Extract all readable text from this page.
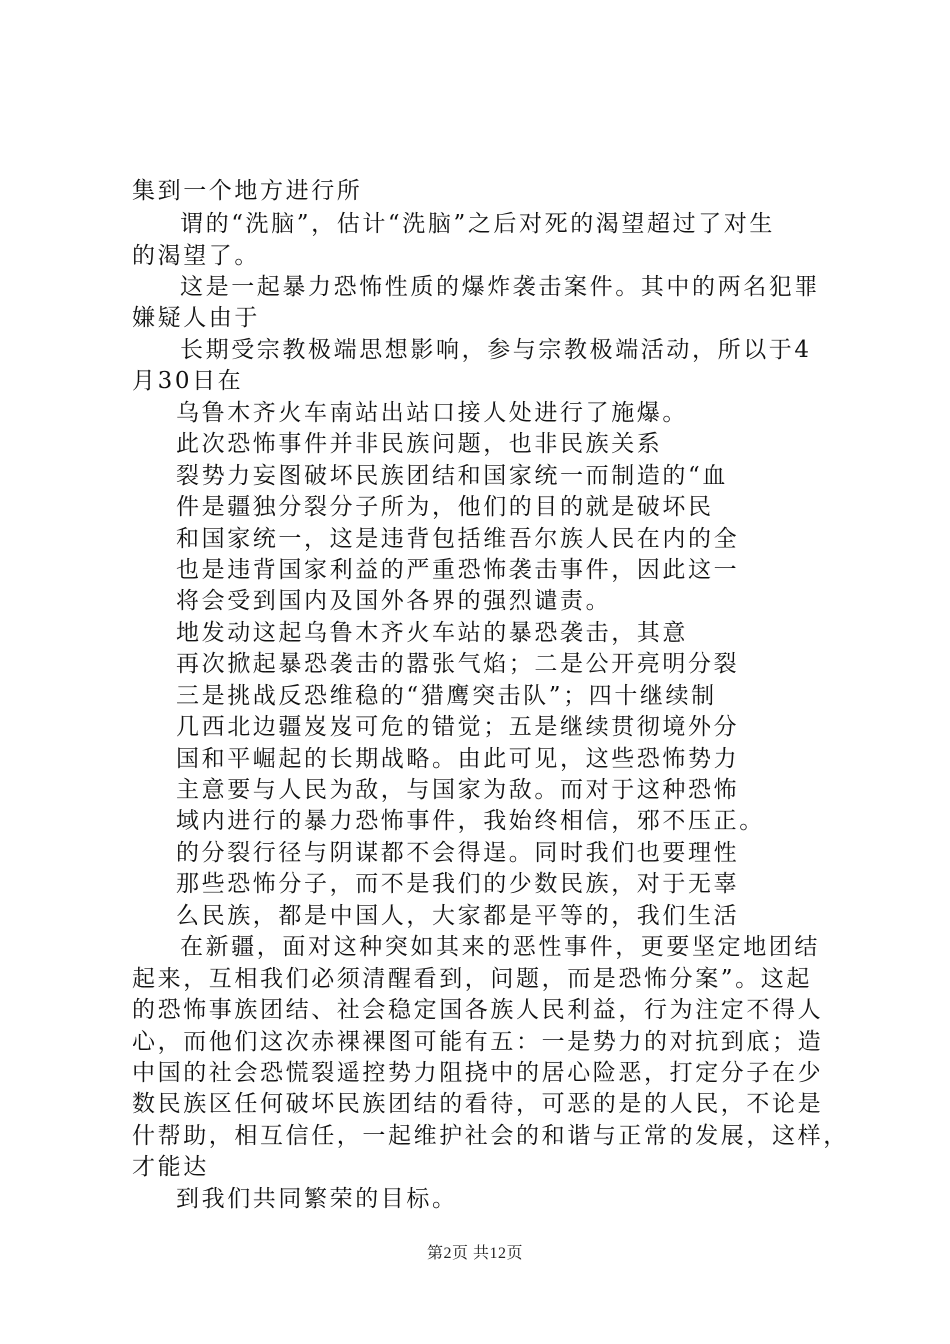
集到一个地方进行所
谓的“洗脑”，估计“洗脑”之后对死的渴望超过了对生
的渴望了。
这是一起暴力恐怖性质的爆炸袭击案件。其中的两名犯罪
嫌疑人由于
长期受宗教极端思想影响，参与宗教极端活动，所以于4
月30日在
乌鲁木齐火车南站出站口接人处进行了施爆。
此次恐怖事件并非民族问题，也非民族关系
裂势力妄图破坏民族团结和国家统一而制造的“血
件是疆独分裂分子所为，他们的目的就是破坏民
和国家统一，这是违背包括维吾尔族人民在内的全
也是违背国家利益的严重恐怖袭击事件，因此这一
将会受到国内及国外各界的强烈谴责。
地发动这起乌鲁木齐火车站的暴恐袭击，其意
再次掀起暴恐袭击的嚣张气焰；二是公开亮明分裂
三是挑战反恐维稳的“猎鹰突击队”；四十继续制
几西北边疆岌岌可危的错觉；五是继续贯彻境外分
国和平崛起的长期战略。由此可见，这些恐怖势力
主意要与人民为敌，与国家为敌。而对于这种恐怖
域内进行的暴力恐怖事件，我始终相信，邪不压正。
的分裂行径与阴谋都不会得逞。同时我们也要理性
那些恐怖分子，而不是我们的少数民族，对于无辜
么民族，都是中国人，大家都是平等的，我们生活
在新疆，面对这种突如其来的恶性事件，更要坚定地团结
起来，互相我们必须清醒看到，问题，而是恐怖分案”。这起
的恐怖事族团结、社会稳定国各族人民利益，行为注定不得人
心，而他们这次赤裸裸图可能有五：一是势力的对抗到底；造
中国的社会恐慌裂遥控势力阻挠中的居心险恶，打定分子在少
数民族区任何破坏民族团结的看待，可恶的是的人民，不论是
什帮助，相互信任，一起维护社会的和谐与正常的发展，这样，
才能达
到我们共同繁荣的目标。
第2页 共12页
